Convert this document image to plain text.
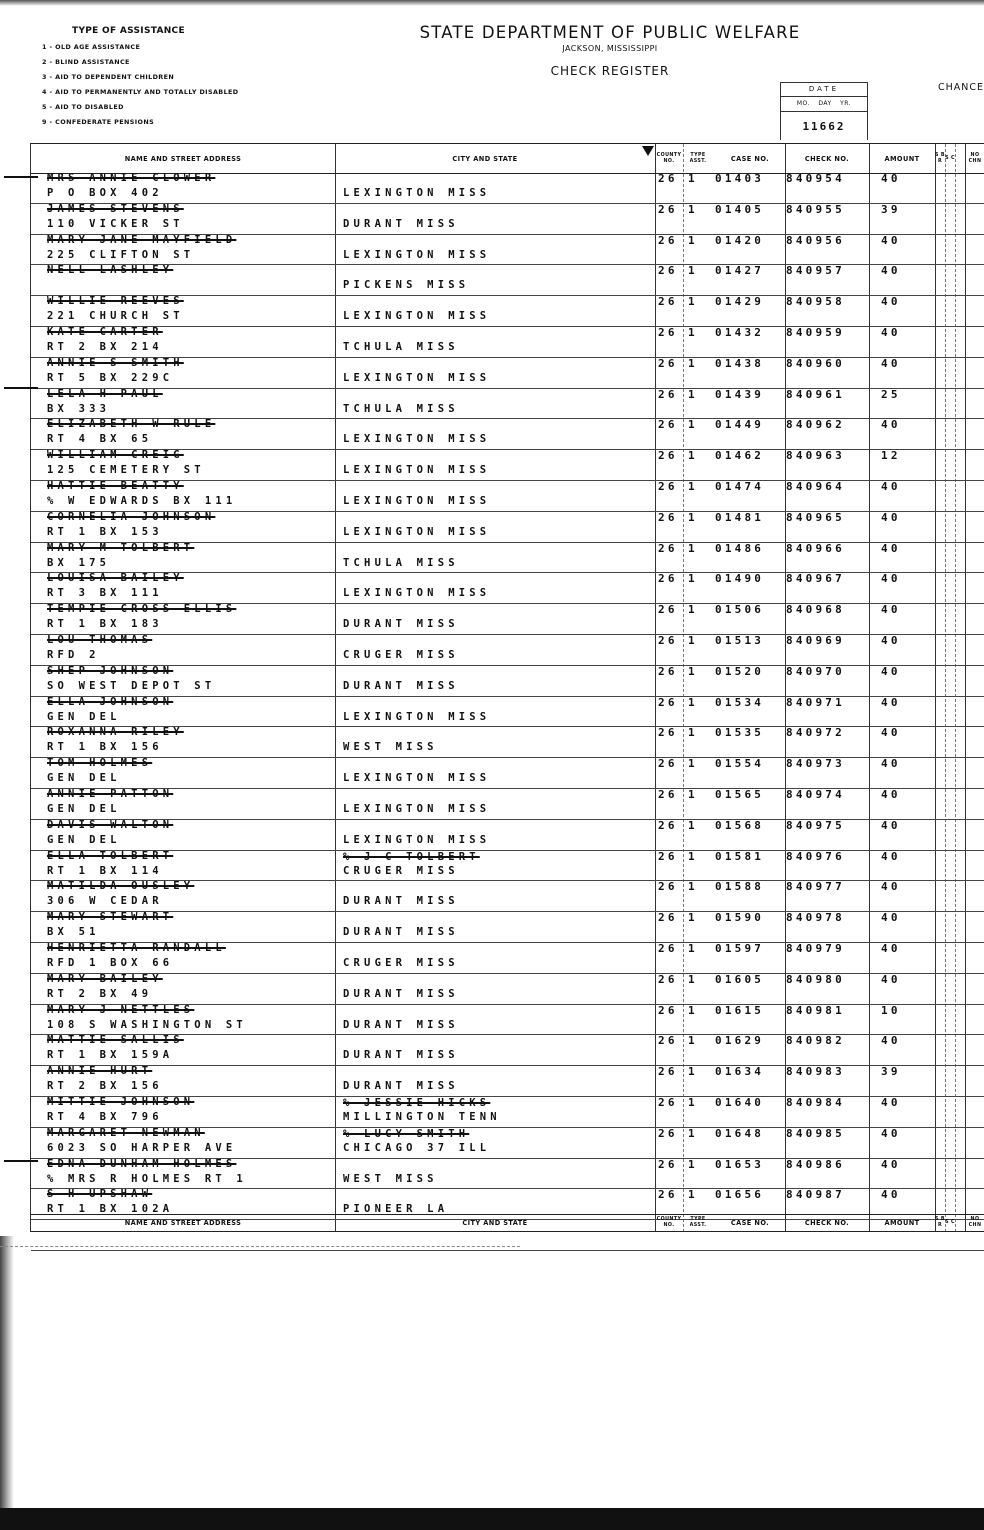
TYPE OF ASSISTANCE
1 - OLD AGE ASSISTANCE
2 - BLIND ASSISTANCE
3 - AID TO DEPENDENT CHILDREN
4 - AID TO PERMANENTLY AND TOTALLY DISABLED
5 - AID TO DISABLED
9 - CONFEDERATE PENSIONS
STATE DEPARTMENT OF PUBLIC WELFARE
JACKSON, MISSISSIPPI
CHECK REGISTER
CHANCE
DATE
MO. DAY YR.
11662
NAME AND STREET ADDRESS	CITY AND STATE	COUNTY NO.
TYPE ASST.	CASE NO.	CHECK NO.	AMOUNT	S B R
S C
NO CHN
MRS ANNIE CLOWER
P O BOX 402	LEXINGTON MISS
26 1 01403 840954	40
JAMES STEVENS
110 VICKER ST	DURANT MISS
26 1 01405 840955	39
MARY JANE MAYFIELD
225 CLIFTON ST	LEXINGTON MISS
26 1 01420 840956	40
NELL LASHLEY
PICKENS MISS
26 1 01427 840957	40
WILLIE REEVES
221 CHURCH ST	LEXINGTON MISS
26 1 01429 840958	40
KATE CARTER
RT 2 BX 214	TCHULA MISS
26 1 01432 840959	40
ANNIE S SMITH
RT 5 BX 229C	LEXINGTON MISS
26 1 01438 840960	40
LELA H PAUL
BX 333	TCHULA MISS
26 1 01439 840961	25
ELIZABETH W RULE
RT 4 BX 65	LEXINGTON MISS
26 1 01449 840962	40
WILLIAM CREIG
125 CEMETERY ST	LEXINGTON MISS
26 1 01462 840963	12
HATTIE BEATTY
% W EDWARDS BX 111	LEXINGTON MISS
26 1 01474 840964	40
CORNELIA JOHNSON
RT 1 BX 153	LEXINGTON MISS
26 1 01481 840965	40
MARY M TOLBERT
BX 175	TCHULA MISS
26 1 01486 840966	40
LOUISA BAILEY
RT 3 BX 111	LEXINGTON MISS
26 1 01490 840967	40
TEMPIE CROSS ELLIS
RT 1 BX 183	DURANT MISS
26 1 01506 840968	40
LOU THOMAS
RFD 2	CRUGER MISS
26 1 01513 840969	40
SHEP JOHNSON
SO WEST DEPOT ST	DURANT MISS
26 1 01520 840970	40
ELLA JOHNSON
GEN DEL	LEXINGTON MISS
26 1 01534 840971	40
ROXANNA RILEY
RT 1 BX 156	WEST MISS
26 1 01535 840972	40
TOM HOLMES
GEN DEL	LEXINGTON MISS
26 1 01554 840973	40
ANNIE PATTON
GEN DEL	LEXINGTON MISS
26 1 01565 840974	40
DAVIS WALTON
GEN DEL	LEXINGTON MISS
26 1 01568 840975	40
ELLA TOLBERT
RT 1 BX 114
% J C TOLBERT
CRUGER MISS
26 1 01581 840976	40
MATILDA OUSLEY
306 W CEDAR	DURANT MISS
26 1 01588 840977	40
MARY STEWART
BX 51	DURANT MISS
26 1 01590 840978	40
HENRIETTA RANDALL
RFD 1 BOX 66	CRUGER MISS
26 1 01597 840979	40
MARY BAILEY
RT 2 BX 49	DURANT MISS
26 1 01605 840980	40
MARY J NETTLES
108 S WASHINGTON ST	DURANT MISS
26 1 01615 840981	10
MATTIE SALLIS
RT 1 BX 159A	DURANT MISS
26 1 01629 840982	40
ANNIE HURT
RT 2 BX 156	DURANT MISS
26 1 01634 840983	39
MITTIE JOHNSON
RT 4 BX 796
% JESSIE HICKS
MILLINGTON TENN
26 1 01640 840984	40
MARGARET NEWMAN
6023 SO HARPER AVE
% LUCY SMITH
CHICAGO 37 ILL
26 1 01648 840985	40
EDNA DUNHAM HOLMES
% MRS R HOLMES RT 1	WEST MISS
26 1 01653 840986	40
S H UPSHAW
RT 1 BX 102A	PIONEER LA
26 1 01656 840987	40
NAME AND STREET ADDRESS	CITY AND STATE	COUNTY NO.
TYPE ASST.	CASE NO.	CHECK NO.	AMOUNT	S B R
S C
NO CHN
